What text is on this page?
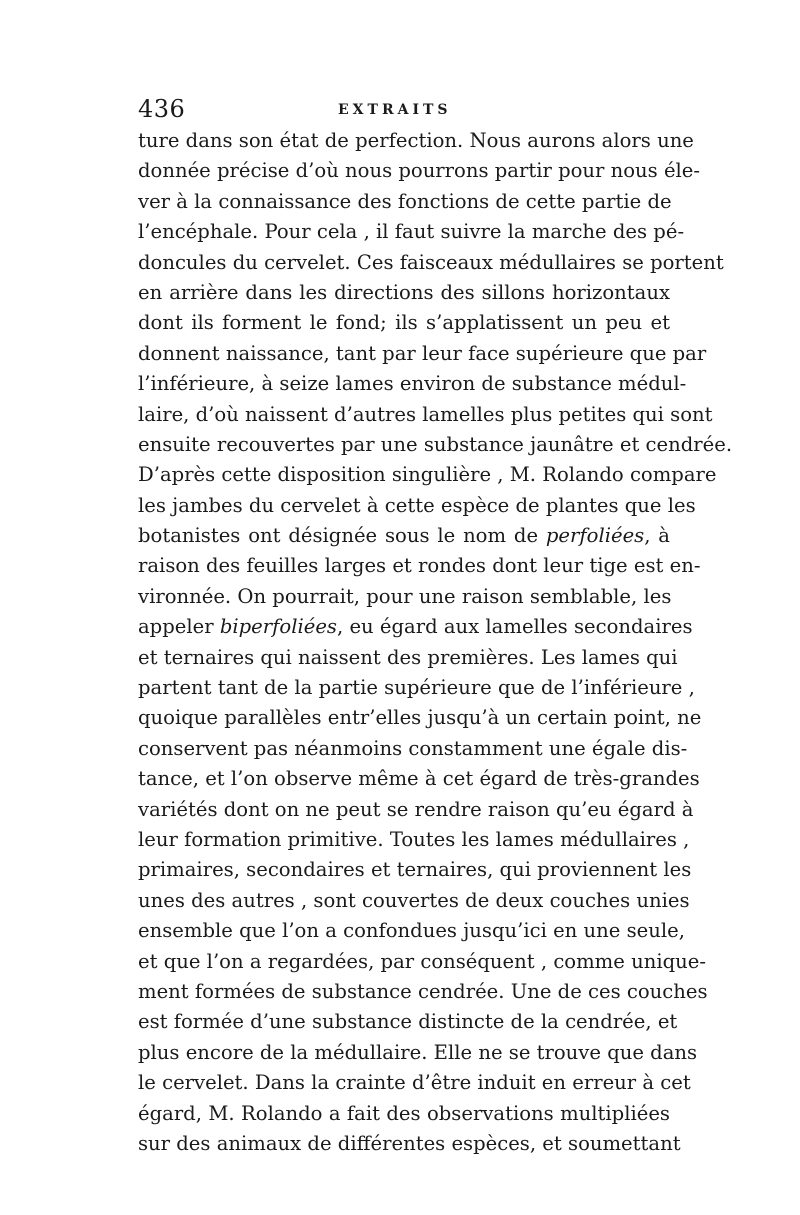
436	EXTRAITS
ture dans son état de perfection. Nous aurons alors une
donnée précise d’où nous pourrons partir pour nous éle-
ver à la connaissance des fonctions de cette partie de
l’encéphale. Pour cela , il faut suivre la marche des pé-
doncules du cervelet. Ces faisceaux médullaires se portent
en arrière dans les directions des sillons horizontaux
dont ils forment le fond; ils s’applatissent un peu et
donnent naissance, tant par leur face supérieure que par
l’inférieure, à seize lames environ de substance médul-
laire, d’où naissent d’autres lamelles plus petites qui sont
ensuite recouvertes par une substance jaunâtre et cendrée.
D’après cette disposition singulière , M. Rolando compare
les jambes du cervelet à cette espèce de plantes que les
botanistes ont désignée sous le nom de perfoliées, à
raison des feuilles larges et rondes dont leur tige est en-
vironnée. On pourrait, pour une raison semblable, les
appeler biperfoliées, eu égard aux lamelles secondaires
et ternaires qui naissent des premières. Les lames qui
partent tant de la partie supérieure que de l’inférieure ,
quoique parallèles entr’elles jusqu’à un certain point, ne
conservent pas néanmoins constamment une égale dis-
tance, et l’on observe même à cet égard de très-grandes
variétés dont on ne peut se rendre raison qu’eu égard à
leur formation primitive. Toutes les lames médullaires ,
primaires, secondaires et ternaires, qui proviennent les
unes des autres , sont couvertes de deux couches unies
ensemble que l’on a confondues jusqu’ici en une seule,
et que l’on a regardées, par conséquent , comme unique-
ment formées de substance cendrée. Une de ces couches
est formée d’une substance distincte de la cendrée, et
plus encore de la médullaire. Elle ne se trouve que dans
le cervelet. Dans la crainte d’être induit en erreur à cet
égard, M. Rolando a fait des observations multipliées
sur des animaux de différentes espèces, et soumettant
